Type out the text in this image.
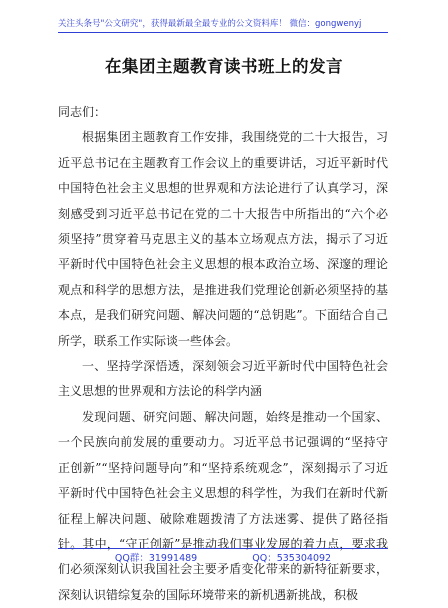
关注头条号"公文研究"，获得最新最全最专业的公文资料库！ 微信：gongwenyj
在集团主题教育读书班上的发言

同志们：

根据集团主题教育工作安排，我围绕党的二十大报告，习近平总书记在主题教育工作会议上的重要讲话，习近平新时代中国特色社会主义思想的世界观和方法论进行了认真学习，深刻感受到习近平总书记在党的二十大报告中所指出的“六个必须坚持”贯穿着马克思主义的基本立场观点方法，揭示了习近平新时代中国特色社会主义思想的根本政治立场、深邃的理论观点和科学的思想方法，是推进我们党理论创新必须坚持的基本点，是我们研究问题、解决问题的“总钥匙”。下面结合自己所学，联系工作实际谈一些体会。

一、坚持学深悟透，深刻领会习近平新时代中国特色社会主义思想的世界观和方法论的科学内涵

发现问题、研究问题、解决问题，始终是推动一个国家、一个民族向前发展的重要动力。习近平总书记强调的“坚持守正创新”“坚持问题导向”和“坚持系统观念”，深刻揭示了习近平新时代中国特色社会主义思想的科学性，为我们在新时代新征程上解决问题、破除难题拨清了方法迷雾、提供了路径指针。其中，“守正创新”是推动我们事业发展的着力点，要求我们必须深刻认识我国社会主要矛盾变化带来的新特征新要求，深刻认识错综复杂的国际环境带来的新机遇新挑战，积极

QQ群：31991489	QQ：535304092
